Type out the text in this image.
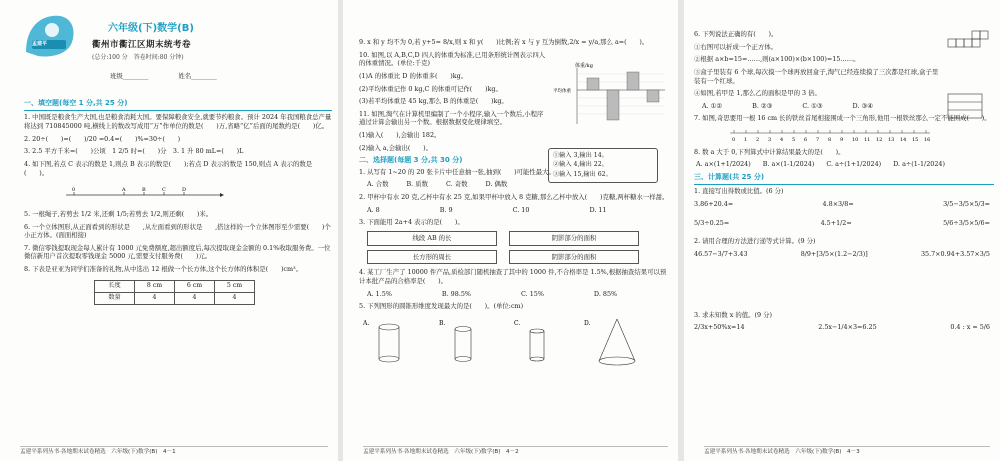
孟建平
六年级(下)数学(B)
衢州市衢江区期末统考卷
(总分:100 分　答卷时间:80 分钟)
班级________	姓名________
一、填空题(每空 1 分,共 25 分)
1. 中国既是粮食生产大国,也是粮食消耗大国。要保障粮食安全,就要节约粮食。预计 2024 年我国粮食总产量将达到 710845000 吨,横线上的数改写成用“万”作单位的数是(　　)万,省略“亿”后面的尾数约是(　　)亿。
2. 20÷(　　)=(　　)/20 =0.4=(　　)%=30÷(　　)
3. 2.5 平方千米=(　　)公顷　1 2/5 时=(　　)分　3. 1 升 80 mL=(　　)L
4. 如下图,若点 C 表示的数是 1,则点 B 表示的数是(　　);若点 D 表示的数是 150,则点 A 表示的数是(　　)。
0	A	B	C	D
5. 一根绳子,若剪去 1/2 米,还剩 1/5;若剪去 1/2,则还剩(　　)米。
6. 一个立体图形,从正面看到的形状是　　,从左面看到的形状是　　,搭这样的一个立体图形至少需要(　　)个小正方体。(面面相接)
7. 微信零钱提取现金每人累计有 1000 元免费额度,超出额度后,每次提取现金金额的 0.1%收取服务费。一位微信新用户首次提取零钱现金 5000 元,需要支付服务费(　　)元。
8. 下表是亚亚为同学们准备的礼物,从中选出 12 根做一个长方体,这个长方体的体积是(　　)cm³。
长度	8 cm	6 cm	5 cm
数量	4	4	4
孟建平系列丛书·各地期末试卷精选　六年级(下)数学(B)　4－1
9. x 和 y 均不为 0,若 y+5= 8/x,则 x 和 y(　　)比例;若 x 与 y 互为倒数,2/x = y/a,那么 a=(　　)。
10. 如图,以 A,B,C,D 四人的体重为标准,已用条形统计图表示四人的体重情况。(单位:千克)
(1)A 的体重比 D 的体重多(　　)kg。
(2)平均体重记作 0 kg,C 的体重可记作(　　)kg。
(3)若平均体重是 45 kg,那么 B 的体重是(　　)kg。
11. 如图,淘气在计算机里编制了一个小程序,输入一个数后,小程序通过计算会输出另一个数。根据数据变化规律填空。
(1)输入(　　),会输出 182。
(2)输入 a,会输出(　　)。
二、选择题(每题 3 分,共 30 分)
1. 从写有 1~20 的 20 张卡片中任意抽一张,抽到(　　)可能性最大。
A. 合数	B. 质数	C. 奇数	D. 偶数
2. 甲杯中有水 20 克,乙杯中有水 25 克,如果甲杯中放入 8 克糖,那么乙杯中放入(　　)克糖,两杯糖水一样甜。
A. 8	B. 9	C. 10	D. 11
3. 下面能用 2a+4 表示的是(　　)。
线段 AB 的长
长方形的周长
阴影部分的面积
阴影部分的面积
4. 某工厂生产了 10000 件产品,质检部门随机抽查了其中的 1000 件,不合格率是 1.5%,根据抽查结果可以预计本批产品的合格率是(　　)。
A. 1.5%	B. 98.5%	C. 15%	D. 85%
5. 下列图形的圆锥形维度发现最大的是(　　)。(单位:cm)
A.	B.	C.	D.
体重/kg
平均体重
①输入 3,输出 14。
②输入 4,输出 22。
③输入 15,输出 62。
孟建平系列丛书·各地期末试卷精选　六年级(下)数学(B)　4－2
6. 下列说法正确的有(　　)。
①右图可以折成一个正方体。
②根据 a×b=15=……,则(a×100)×(b×100)=15……。
③盒子里装有 6 个球,每次摸一个球再放回盒子,淘气已经连续摸了三次都是红球,盒子里装有一个红球。
④如图,若甲是 1,那么乙的面积是甲的 3 倍。
A. ①②	B. ②③	C. ①③	D. ③④
7. 如图,奇思要用一根 16 cm 长的铁丝首尾相接围成一个三角形,他用一根铁丝那么一定不能围成(　　)。
0 1 2 3 4 5 6 7 8 9 10 11 12 13 14 15 16
8. 数 a 大于 0,下列算式中计算结果最大的是(　　)。
A. a×(1+1/2024) B. a×(1-1/2024) C. a÷(1+1/2024) D. a÷(1-1/2024)
三、计算题(共 25 分)
1. 直接写出得数或比值。(6 分)
3.86+20.4=	4.8×3/8=	3/5−3/5×5/3=
5/3÷0.25=	4.5+1/2=	5/6÷3/5×5/6=
2. 请用合理的方法进行递等式计算。(9 分)
46.57−3/7+3.43	8/9+[3/5×(1.2−2/3)]	35.7×0.94+3.57×3/5
3. 求未知数 x 的值。(9 分)
2/3x+50%x=14	2.5x−1/4×3=6.25	0.4 : x = 5/6
孟建平系列丛书·各地期末试卷精选　六年级(下)数学(B)　4－3
